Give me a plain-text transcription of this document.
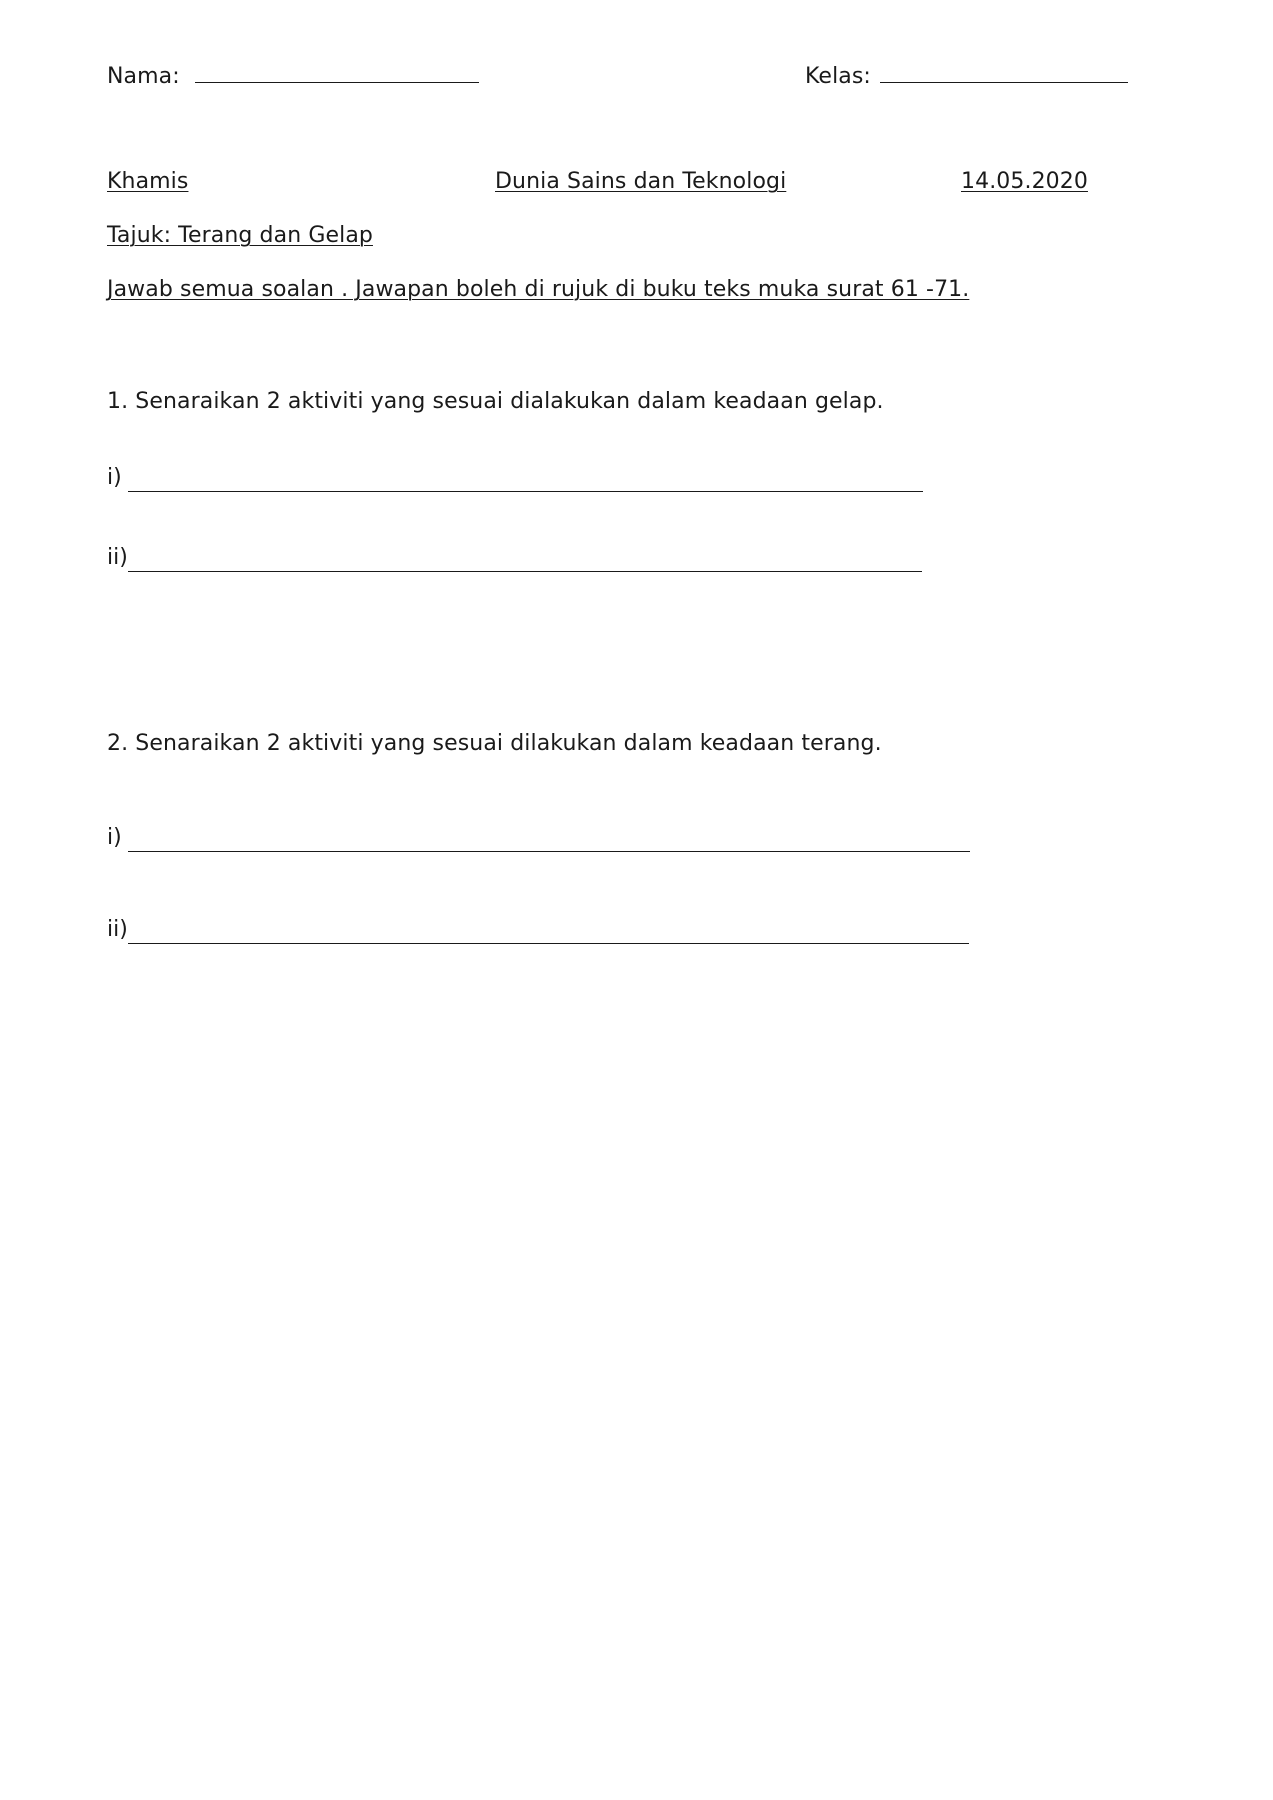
Nama:	Kelas:
Khamis	Dunia Sains dan Teknologi	14.05.2020
Tajuk: Terang dan Gelap
Jawab semua soalan . Jawapan boleh di rujuk di buku teks muka surat 61 -71.
1. Senaraikan 2 aktiviti yang sesuai dialakukan dalam keadaan gelap.
i)
ii)
2. Senaraikan 2 aktiviti yang sesuai dilakukan dalam keadaan terang.
i)
ii)
